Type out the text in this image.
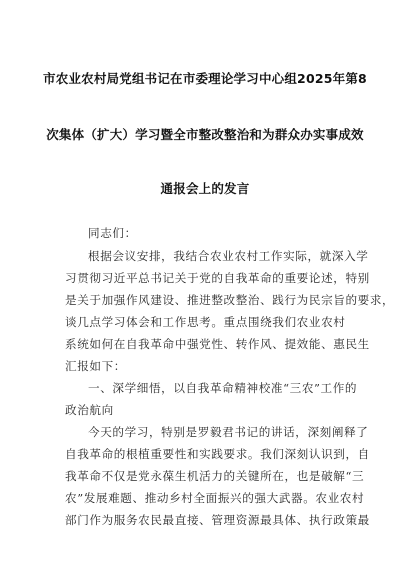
市农业农村局党组书记在市委理论学习中心组2025年第8
次集体（扩大）学习暨全市整改整治和为群众办实事成效
通报会上的发言
同志们：
根据会议安排，我结合农业农村工作实际，就深入学
习贯彻习近平总书记关于党的自我革命的重要论述，特别
是关于加强作风建设、推进整改整治、践行为民宗旨的要求，
谈几点学习体会和工作思考。重点围绕我们农业农村
系统如何在自我革命中强党性、转作风、提效能、惠民生
汇报如下：
一、深学细悟，以自我革命精神校准“三农”工作的
政治航向
今天的学习，特别是罗毅君书记的讲话，深刻阐释了
自我革命的根植重要性和实践要求。我们深刻认识到，自
我革命不仅是党永葆生机活力的关键所在，也是破解“三
农”发展难题、推动乡村全面振兴的强大武器。农业农村
部门作为服务农民最直接、管理资源最具体、执行政策最
